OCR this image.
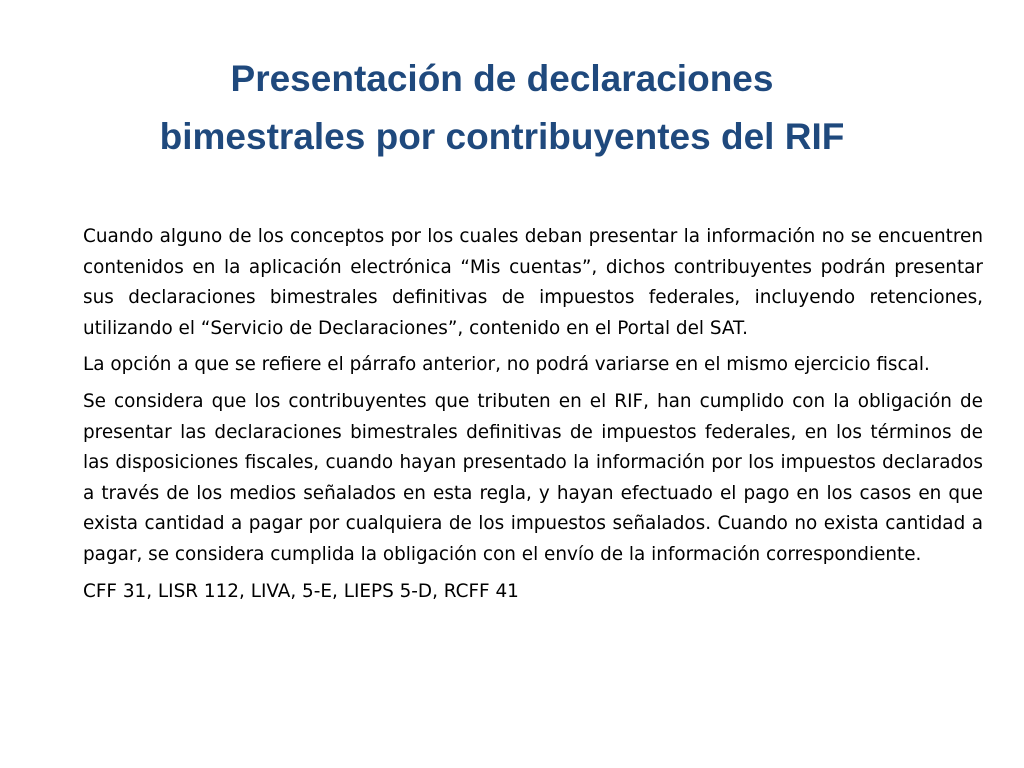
Presentación de declaraciones
bimestrales por contribuyentes del RIF

Cuando alguno de los conceptos por los cuales deban presentar la información no se encuentren contenidos en la aplicación electrónica “Mis cuentas”, dichos contribuyentes podrán presentar sus declaraciones bimestrales definitivas de impuestos federales, incluyendo retenciones, utilizando el “Servicio de Declaraciones”, contenido en el Portal del SAT.

La opción a que se refiere el párrafo anterior, no podrá variarse en el mismo ejercicio fiscal.

Se considera que los contribuyentes que tributen en el RIF, han cumplido con la obligación de presentar las declaraciones bimestrales definitivas de impuestos federales, en los términos de las disposiciones fiscales, cuando hayan presentado la información por los impuestos declarados a través de los medios señalados en esta regla, y hayan efectuado el pago en los casos en que exista cantidad a pagar por cualquiera de los impuestos señalados. Cuando no exista cantidad a pagar, se considera cumplida la obligación con el envío de la información correspondiente.

CFF 31, LISR 112, LIVA, 5-E, LIEPS 5-D, RCFF 41
